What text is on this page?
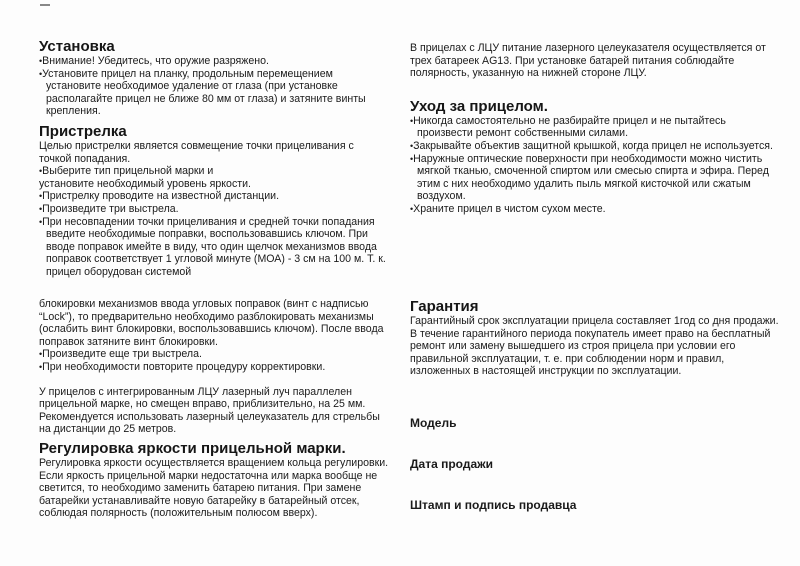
Установка

• Внимание! Убедитесь, что оружие разряжено.

• Установите прицел на планку, продольным перемещением установите необходимое удаление от глаза (при установке располагайте прицел не ближе 80 мм от глаза) и затяните винты крепления.

Пристрелка

Целью пристрелки является совмещение точки прицеливания с точкой попадания.

• Выберите тип прицельной марки и

установите необходимый уровень яркости.

• Пристрелку проводите на известной дистанции.

• Произведите три выстрела.

• При несовпадении точки прицеливания и средней точки попадания введите необходимые поправки, воспользовавшись ключом. При вводе поправок имейте в виду, что один щелчок механизмов ввода поправок соответствует 1 угловой минуте (МОА) - 3 см на 100 м. Т. к. прицел оборудован системой

блокировки механизмов ввода угловых поправок (винт с надписью “Lock”), то предварительно необходимо разблокировать механизмы (ослабить винт блокировки, воспользовавшись ключом). После ввода поправок затяните винт блокировки.

• Произведите еще три выстрела.

• При необходимости повторите процедуру корректировки.

У прицелов с интегрированным ЛЦУ лазерный луч параллелен прицельной марке, но смещен вправо, приблизительно, на 25 мм. Рекомендуется использовать лазерный целеуказатель для стрельбы на дистанции до 25 метров.

Регулировка яркости прицельной марки.

Регулировка яркости осуществляется вращением кольца регулировки. Если яркость прицельной марки недостаточна или марка вообще не светится, то необходимо заменить батарею питания. При замене батарейки устанавливайте новую батарейку в батарейный отсек, соблюдая полярность (положительным полюсом вверх).

В прицелах с ЛЦУ питание лазерного целеуказателя осуществляется от трех батареек AG13. При установке батарей питания соблюдайте полярность, указанную на нижней стороне ЛЦУ.

Уход за прицелом.

• Никогда самостоятельно не разбирайте прицел и не пытайтесь произвести ремонт собственными силами.

• Закрывайте объектив защитной крышкой, когда прицел не используется.

• Наружные оптические поверхности при необходимости можно чистить мягкой тканью, смоченной спиртом или смесью спирта и эфира. Перед этим с них необходимо удалить пыль мягкой кисточкой или сжатым воздухом.

• Храните прицел в чистом сухом месте.

Гарантия

Гарантийный срок эксплуатации прицела составляет 1год со дня продажи. В течение гарантийного периода покупатель имеет право на бесплатный ремонт или замену вышедшего из строя прицела при условии его правильной эксплуатации, т. е. при соблюдении норм и правил, изложенных в настоящей инструкции по эксплуатации.

Модель
Дата продажи
Штамп и подпись продавца
